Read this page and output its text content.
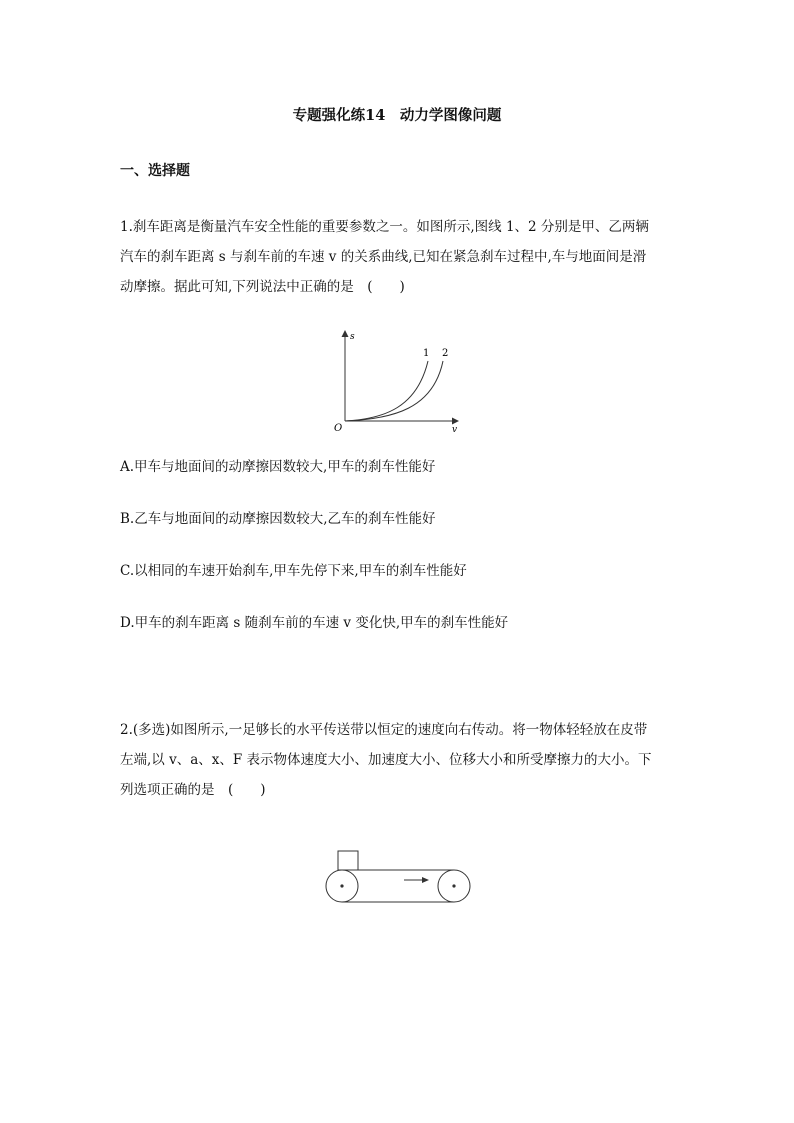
专题强化练14　动力学图像问题
一、选择题
1.刹车距离是衡量汽车安全性能的重要参数之一。如图所示,图线 1、2 分别是甲、乙两辆
汽车的刹车距离 s 与刹车前的车速 v 的关系曲线,已知在紧急刹车过程中,车与地面间是滑
动摩擦。据此可知,下列说法中正确的是　(　　)
s
v
O
1 2
A.甲车与地面间的动摩擦因数较大,甲车的刹车性能好
B.乙车与地面间的动摩擦因数较大,乙车的刹车性能好
C.以相同的车速开始刹车,甲车先停下来,甲车的刹车性能好
D.甲车的刹车距离 s 随刹车前的车速 v 变化快,甲车的刹车性能好
2.(多选)如图所示,一足够长的水平传送带以恒定的速度向右传动。将一物体轻轻放在皮带
左端,以 v、a、x、F 表示物体速度大小、加速度大小、位移大小和所受摩擦力的大小。下
列选项正确的是　(　　)
